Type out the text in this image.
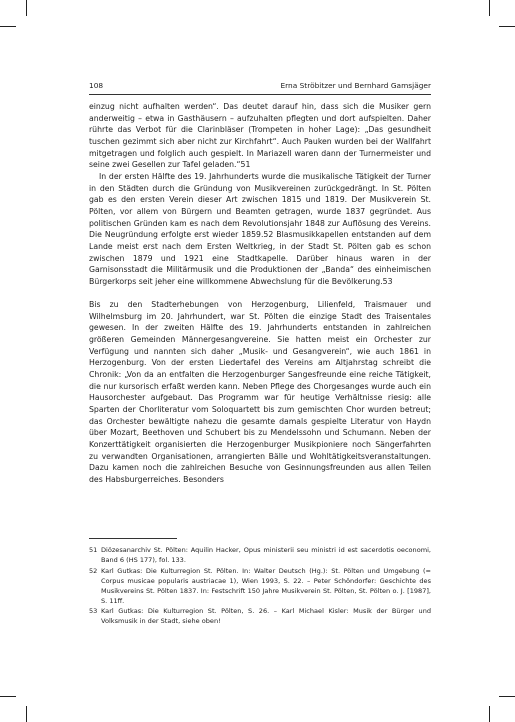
108	Erna Ströbitzer und Bernhard Gamsjäger

einzug nicht aufhalten werden“. Das deutet darauf hin, dass sich die Musiker gern anderweitig – etwa in Gasthäusern – aufzuhalten pflegten und dort aufspielten. Daher rührte das Verbot für die Clarinbläser (Trompeten in hoher Lage): „Das gesundheit tuschen gezimmt sich aber nicht zur Kirchfahrt“. Auch Pauken wurden bei der Wallfahrt mitgetragen und folglich auch gespielt. In Mariazell waren dann der Turnermeister und seine zwei Gesellen zur Tafel geladen.“51

In der ersten Hälfte des 19. Jahrhunderts wurde die musikalische Tätigkeit der Turner in den Städten durch die Gründung von Musikvereinen zurückgedrängt. In St. Pölten gab es den ersten Verein dieser Art zwischen 1815 und 1819. Der Musikverein St. Pölten, vor allem von Bürgern und Beamten getragen, wurde 1837 gegründet. Aus politischen Gründen kam es nach dem Revolutionsjahr 1848 zur Auflösung des Vereins. Die Neugründung erfolgte erst wieder 1859.52 Blasmusikkapellen entstanden auf dem Lande meist erst nach dem Ersten Weltkrieg, in der Stadt St. Pölten gab es schon zwischen 1879 und 1921 eine Stadtkapelle. Darüber hinaus waren in der Garnisonsstadt die Militärmusik und die Produktionen der „Banda“ des einheimischen Bürgerkorps seit jeher eine willkommene Abwechslung für die Bevölkerung.53

Bis zu den Stadterhebungen von Herzogenburg, Lilienfeld, Traismauer und Wilhelmsburg im 20. Jahrhundert, war St. Pölten die einzige Stadt des Traisentales gewesen. In der zweiten Hälfte des 19. Jahrhunderts entstanden in zahlreichen größeren Gemeinden Männergesangvereine. Sie hatten meist ein Orchester zur Verfügung und nannten sich daher „Musik- und Gesangverein“, wie auch 1861 in Herzogenburg. Von der ersten Liedertafel des Vereins am Altjahrstag schreibt die Chronik: „Von da an entfalten die Herzogenburger Sangesfreunde eine reiche Tätigkeit, die nur kursorisch erfaßt werden kann. Neben Pflege des Chorgesanges wurde auch ein Hausorchester aufgebaut. Das Programm war für heutige Verhältnisse riesig: alle Sparten der Chorliteratur vom Soloquartett bis zum gemischten Chor wurden betreut; das Orchester bewältigte nahezu die gesamte damals gespielte Literatur von Haydn über Mozart, Beethoven und Schubert bis zu Mendelssohn und Schumann. Neben der Konzerttätigkeit organisierten die Herzogenburger Musikpioniere noch Sängerfahrten zu verwandten Organisationen, arrangierten Bälle und Wohltätigkeitsveranstaltungen. Dazu kamen noch die zahlreichen Besuche von Gesinnungsfreunden aus allen Teilen des Habsburgerreiches. Besonders

51 Diözesanarchiv St. Pölten: Aquilin Hacker, Opus ministerii seu ministri id est sacerdotis oeconomi, Band 6 (HS 177), fol. 133.
52 Karl Gutkas: Die Kulturregion St. Pölten. In: Walter Deutsch (Hg.): St. Pölten und Umgebung (= Corpus musicae popularis austriacae 1), Wien 1993, S. 22. – Peter Schöndorfer: Geschichte des Musikvereins St. Pölten 1837. In: Festschrift 150 Jahre Musikverein St. Pölten, St. Pölten o. J. [1987], S. 11ff.
53 Karl Gutkas: Die Kulturregion St. Pölten, S. 26. – Karl Michael Kisler: Musik der Bürger und Volksmusik in der Stadt, siehe oben!
